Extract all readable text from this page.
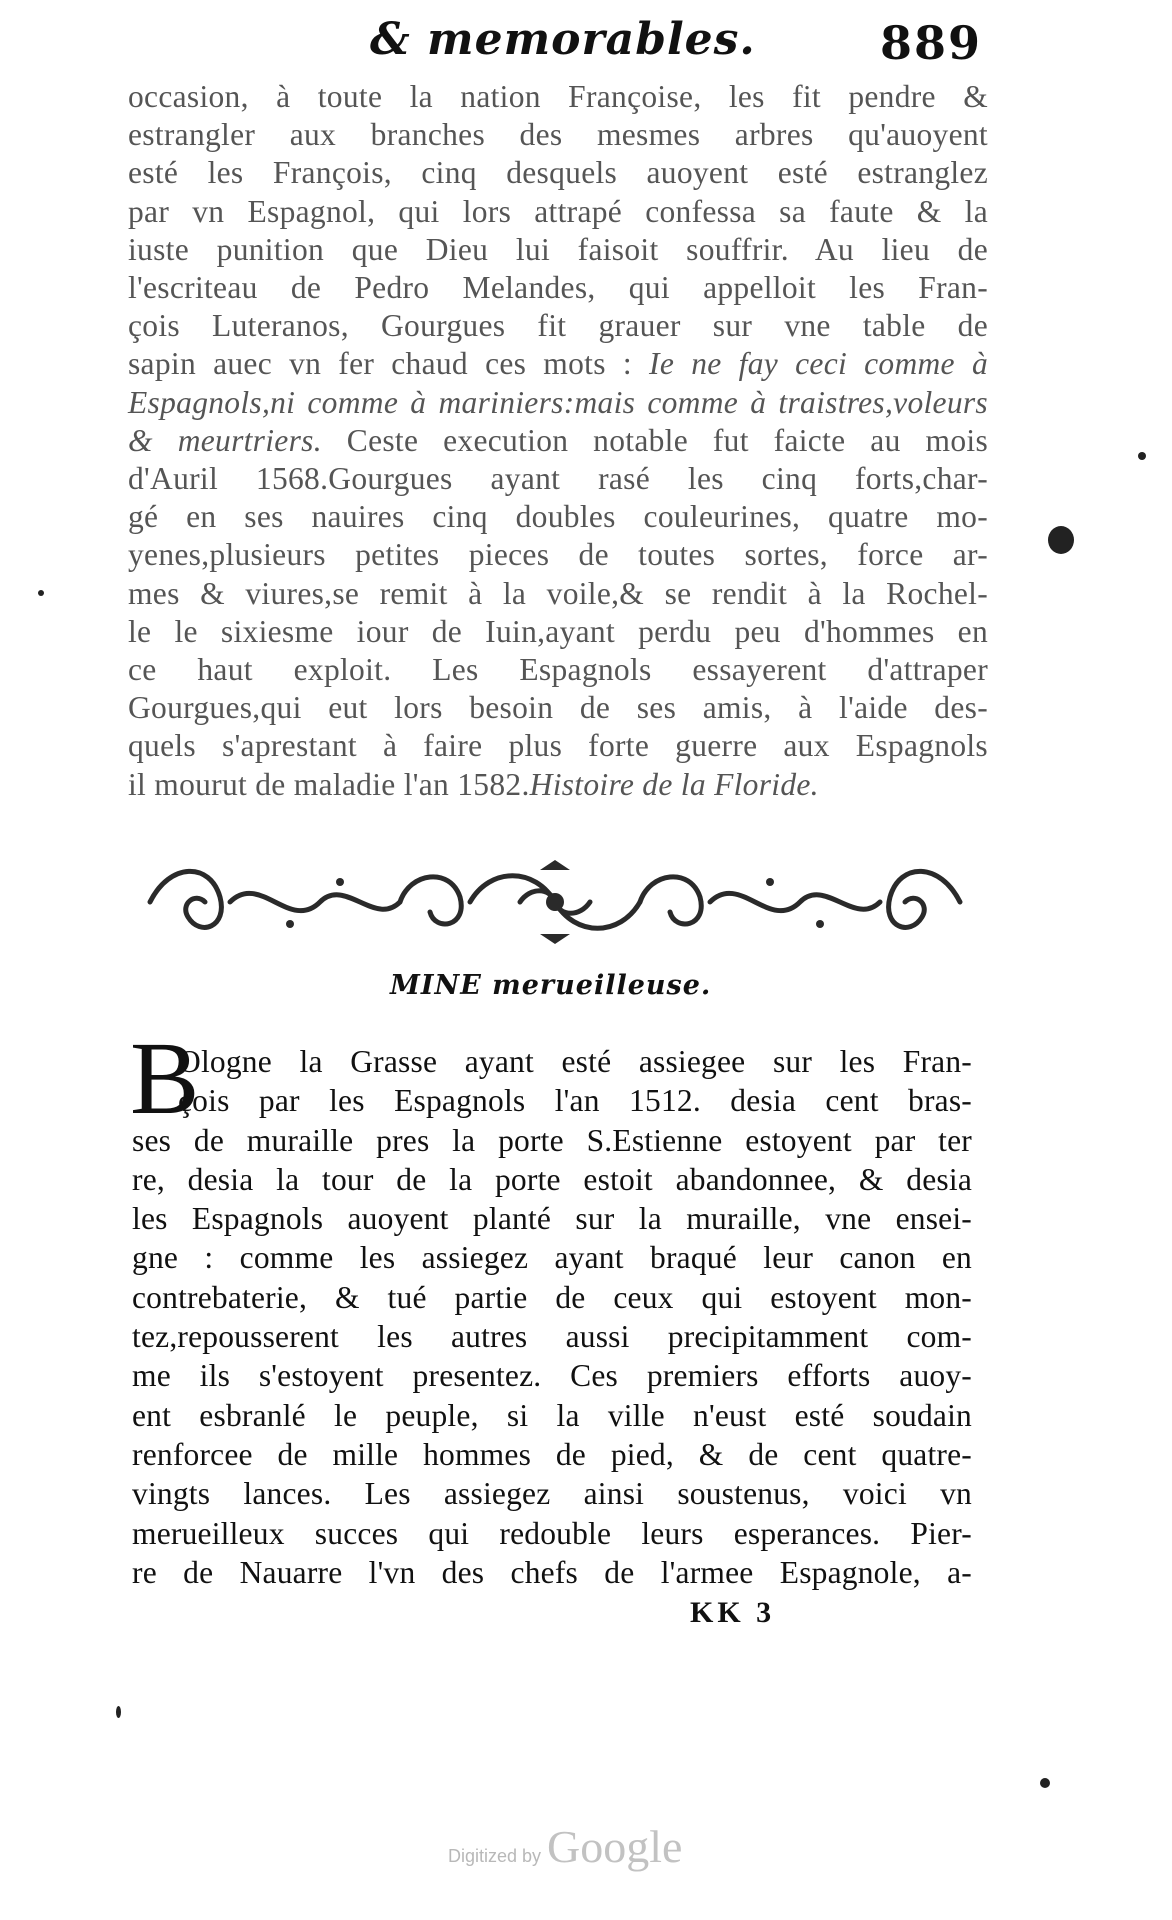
& memorables.	889
occasion, à toute la nation Françoise, les fit pendre &
estrangler aux branches des mesmes arbres qu'auoyent
esté les François, cinq desquels auoyent esté estranglez
par vn Espagnol, qui lors attrapé confessa sa faute & la
iuste punition que Dieu lui faisoit souffrir. Au lieu de
l'escriteau de Pedro Melandes, qui appelloit les Fran-
çois Luteranos, Gourgues fit grauer sur vne table de
sapin auec vn fer chaud ces mots : Ie ne fay ceci comme à
Espagnols,ni comme à mariniers:mais comme à traistres,voleurs
& meurtriers. Ceste execution notable fut faicte au mois
d'Auril 1568.Gourgues ayant rasé les cinq forts,char-
gé en ses nauires cinq doubles couleurines, quatre mo-
yenes,plusieurs petites pieces de toutes sortes, force ar-
mes & viures,se remit à la voile,& se rendit à la Rochel-
le le sixiesme iour de Iuin,ayant perdu peu d'hommes en
ce haut exploit. Les Espagnols essayerent d'attraper
Gourgues,qui eut lors besoin de ses amis, à l'aide des-
quels s'aprestant à faire plus forte guerre aux Espagnols
il mourut de maladie l'an 1582.Histoire de la Floride.
MINE merueilleuse.
B
Ologne la Grasse ayant esté assiegee sur les Fran-
çois par les Espagnols l'an 1512. desia cent bras-
ses de muraille pres la porte S.Estienne estoyent par ter
re, desia la tour de la porte estoit abandonnee, & desia
les Espagnols auoyent planté sur la muraille, vne ensei-
gne : comme les assiegez ayant braqué leur canon en
contrebaterie, & tué partie de ceux qui estoyent mon-
tez,repousserent les autres aussi precipitamment com-
me ils s'estoyent presentez. Ces premiers efforts auoy-
ent esbranlé le peuple, si la ville n'eust esté soudain
renforcee de mille hommes de pied, & de cent quatre-
vingts lances. Les assiegez ainsi soustenus, voici vn
merueilleux succes qui redouble leurs esperances. Pier-
re de Nauarre l'vn des chefs de l'armee Espagnole, a-
KK 3
Digitized by Google
